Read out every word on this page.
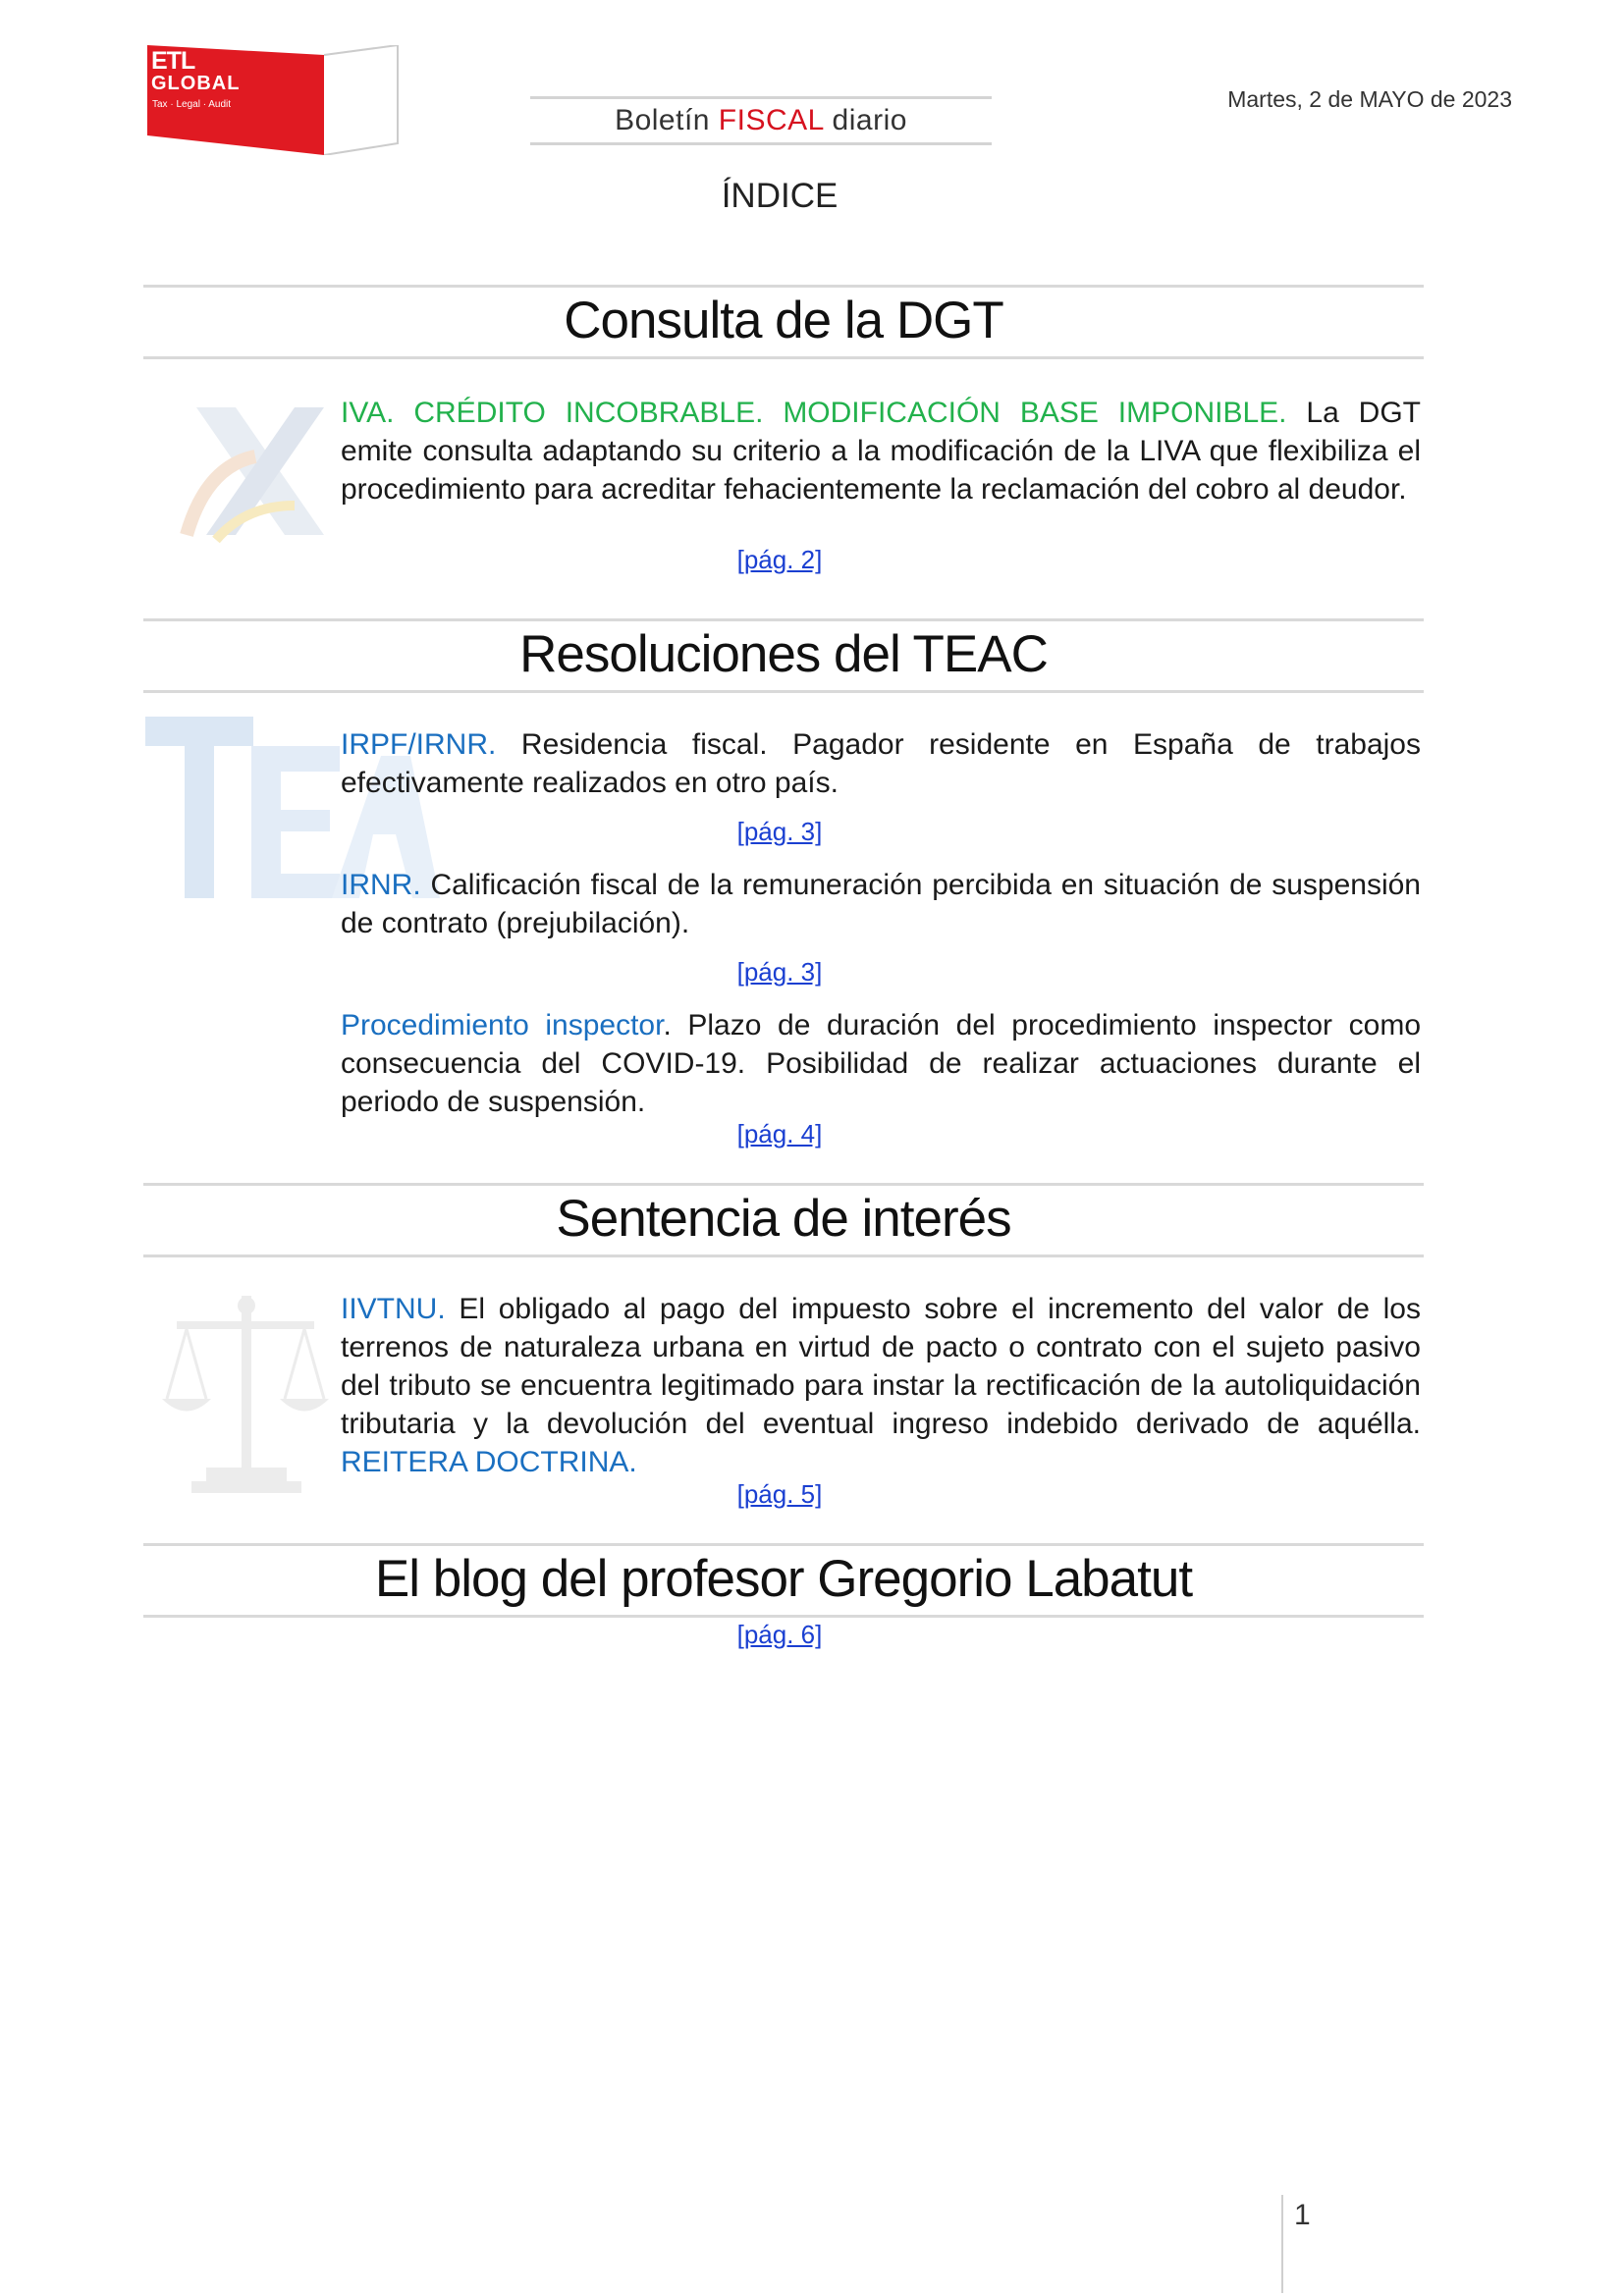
ETL
GLOBAL
Tax · Legal · Audit	Boletín FISCAL diario
Martes, 2 de MAYO de 2023
ÍNDICE
Consulta de la DGT
IVA. CRÉDITO INCOBRABLE. MODIFICACIÓN BASE IMPONIBLE. La DGT emite consulta adaptando su criterio a la modificación de la LIVA que flexibiliza el procedimiento para acreditar fehacientemente la reclamación del cobro al deudor.
[pág. 2]
Resoluciones del TEAC
IRPF/IRNR. Residencia fiscal. Pagador residente en España de trabajos efectivamente realizados en otro país.
[pág. 3]
IRNR. Calificación fiscal de la remuneración percibida en situación de suspensión de contrato (prejubilación).
[pág. 3]
Procedimiento inspector. Plazo de duración del procedimiento inspector como consecuencia del COVID-19. Posibilidad de realizar actuaciones durante el periodo de suspensión.
[pág. 4]
Sentencia de interés
IIVTNU. El obligado al pago del impuesto sobre el incremento del valor de los terrenos de naturaleza urbana en virtud de pacto o contrato con el sujeto pasivo del tributo se encuentra legitimado para instar la rectificación de la autoliquidación tributaria y la devolución del eventual ingreso indebido derivado de aquélla. REITERA DOCTRINA.
[pág. 5]
El blog del profesor Gregorio Labatut
[pág. 6]
1
